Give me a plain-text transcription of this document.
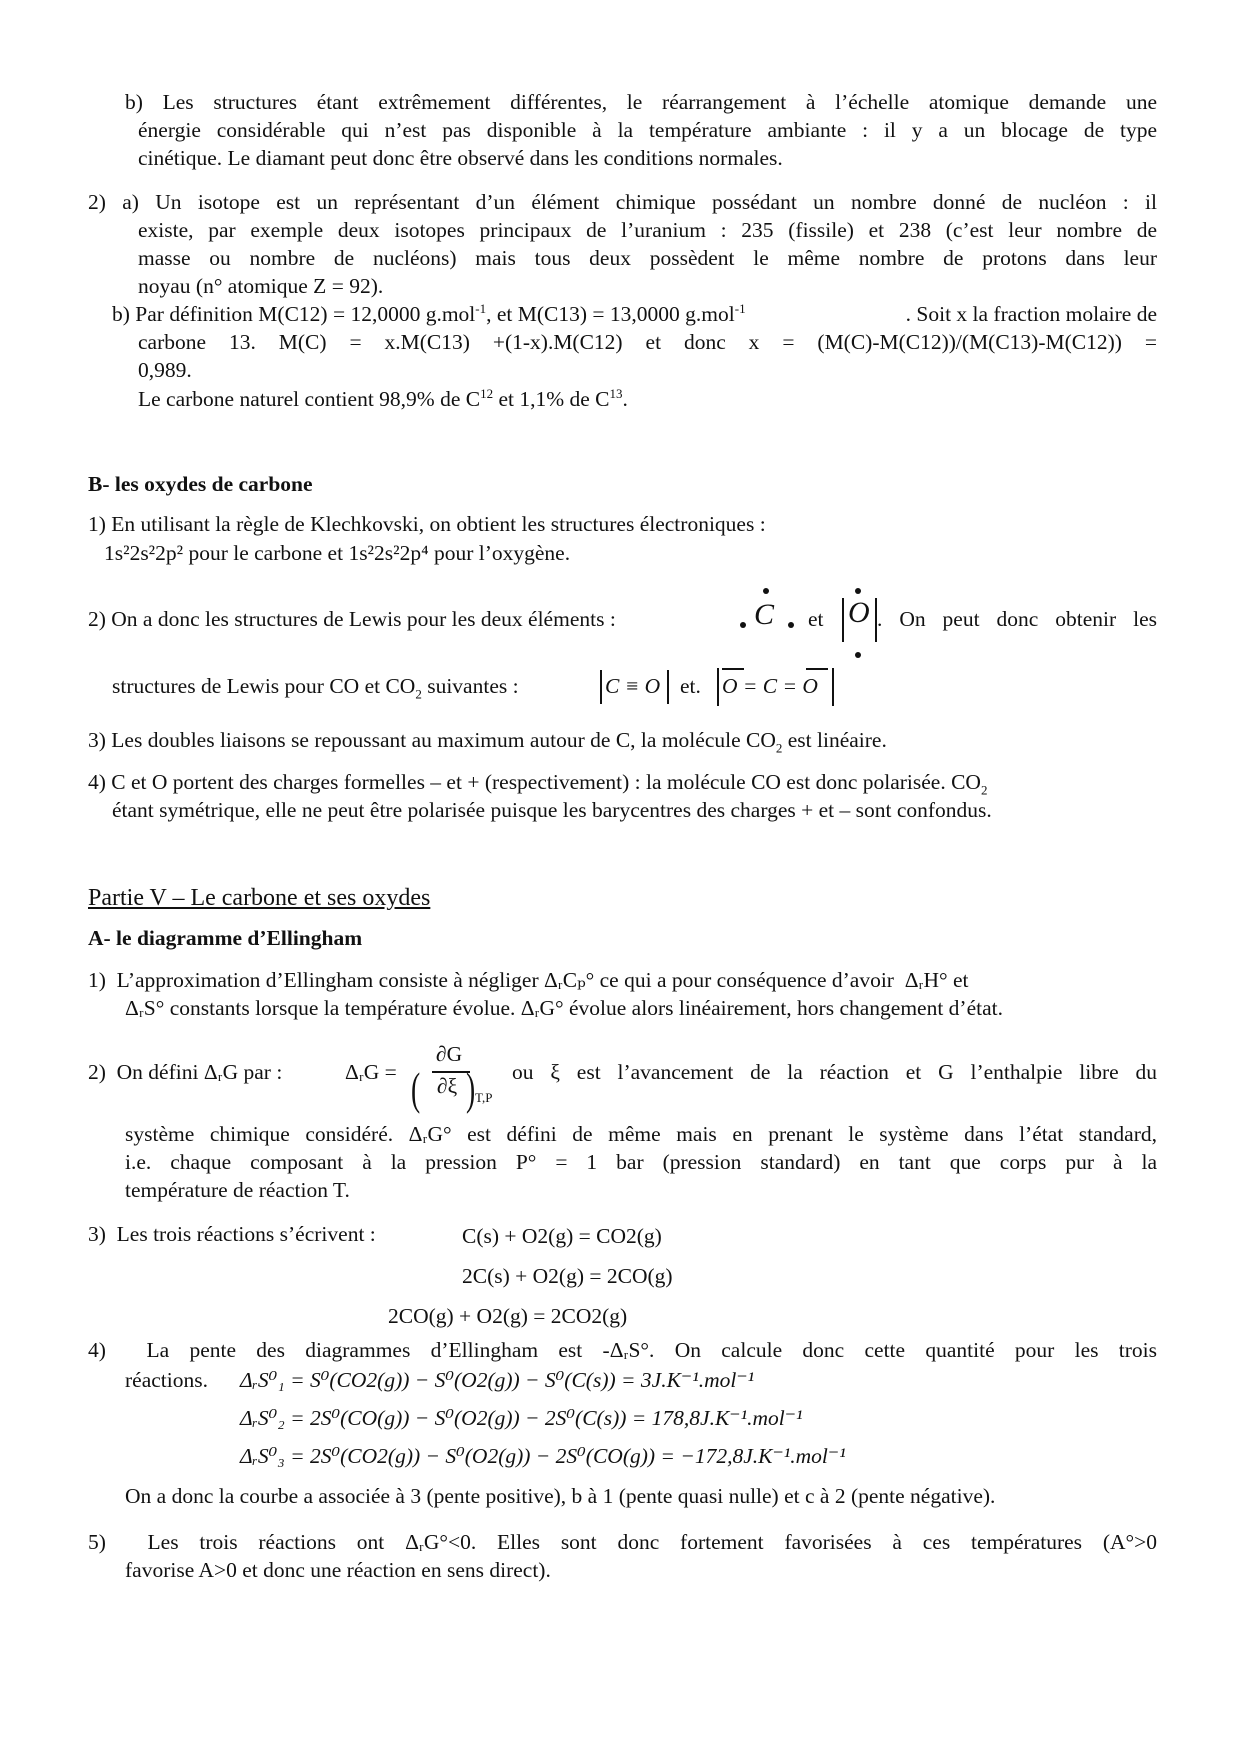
b) Les structures étant extrêmement différentes, le réarrangement à l’échelle atomique demande une
énergie considérable qui n’est pas disponible à la température ambiante : il y a un blocage de type
cinétique. Le diamant peut donc être observé dans les conditions normales.
2) a) Un isotope est un représentant d’un élément chimique possédant un nombre donné de nucléon : il
existe, par exemple deux isotopes principaux de l’uranium : 235 (fissile) et 238 (c’est leur nombre de
masse ou nombre de nucléons) mais tous deux possèdent le même nombre de protons dans leur
noyau (n° atomique Z = 92).
b) Par définition M(C12) = 12,0000 g.mol$^{-1}$, et M(C13) = 13,0000 g.mol$^{-1}$	. Soit x la fraction molaire de
carbone 13. M(C) = x.M(C13) +(1-x).M(C12) et donc x = (M(C)-M(C12))/(M(C13)-M(C12)) =
0,989.
Le carbone naturel contient 98,9% de $C^{12}$ et 1,1% de $C^{13}$.
B- les oxydes de carbone
1) En utilisant la règle de Klechkovski, on obtient les structures électroniques :
1s²2s²2p² pour le carbone et 1s²2s²2p⁴ pour l’oxygène.
2) On a donc les structures de Lewis pour les deux éléments :	C et O . On peut donc obtenir les
structures de Lewis pour CO et $CO_2$ suivantes :	C ≡ O et. O = C = O
3) Les doubles liaisons se repoussant au maximum autour de C, la molécule $CO_2$ est linéaire.
4) C et O portent des charges formelles – et + (respectivement) : la molécule CO est donc polarisée. $CO_2$
étant symétrique, elle ne peut être polarisée puisque les barycentres des charges + et – sont confondus.
Partie V – Le carbone et ses oxydes
A- le diagramme d’Ellingham
1)  L’approximation d’Ellingham consiste à négliger ΔᵣCₚ° ce qui a pour conséquence d’avoir  ΔᵣH° et
ΔᵣS° constants lorsque la température évolue. ΔᵣG° évolue alors linéairement, hors changement d’état.
2)  On défini ΔᵣG par :	ΔᵣG = (
∂G
∂ξ ) T,P
ou ξ est l’avancement de la réaction et G l’enthalpie libre du
système chimique considéré. ΔᵣG° est défini de même mais en prenant le système dans l’état standard,
i.e. chaque composant à la pression P° = 1 bar (pression standard) en tant que corps pur à la
température de réaction T.
3)  Les trois réactions s’écrivent :	C(s) + O2(g) = CO2(g)
2C(s) + O2(g) = 2CO(g)
2CO(g) + O2(g) = 2CO2(g)
4)  La pente des diagrammes d’Ellingham est -ΔᵣS°. On calcule donc cette quantité pour les trois
réactions. ΔᵣS⁰₁ = S⁰(CO2(g)) − S⁰(O2(g)) − S⁰(C(s)) = 3J.K⁻¹.mol⁻¹
ΔᵣS⁰₂ = 2S⁰(CO(g)) − S⁰(O2(g)) − 2S⁰(C(s)) = 178,8J.K⁻¹.mol⁻¹
ΔᵣS⁰₃ = 2S⁰(CO2(g)) − S⁰(O2(g)) − 2S⁰(CO(g)) = −172,8J.K⁻¹.mol⁻¹
On a donc la courbe a associée à 3 (pente positive), b à 1 (pente quasi nulle) et c à 2 (pente négative).
5)  Les trois réactions ont ΔᵣG°<0. Elles sont donc fortement favorisées à ces températures (A°>0
favorise A>0 et donc une réaction en sens direct).
